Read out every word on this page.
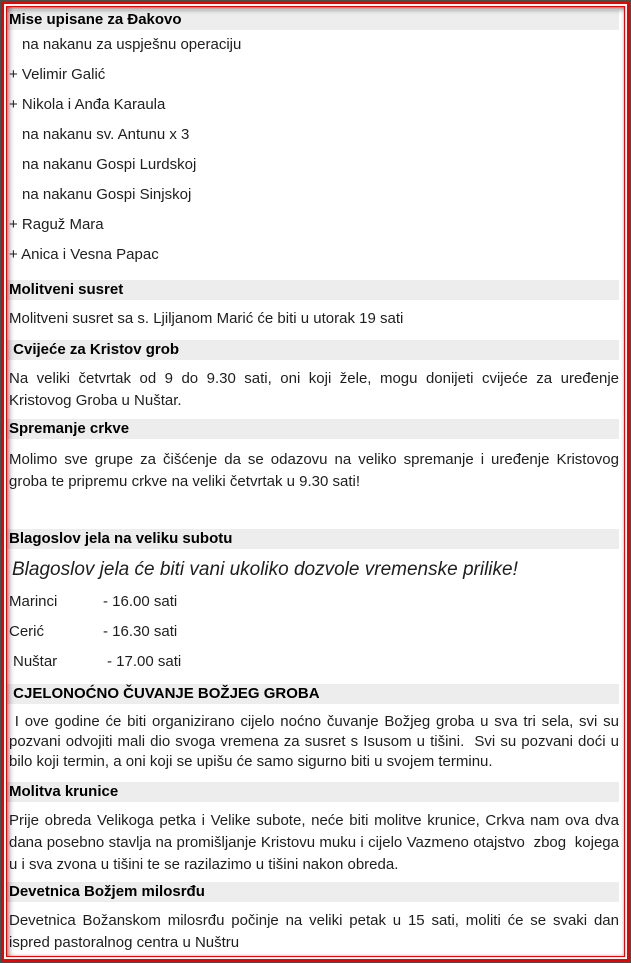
Mise upisane za Đakovo
na nakanu za uspješnu operaciju
+ Velimir Galić
+ Nikola i Anđa Karaula
na nakanu sv. Antunu x 3
na nakanu Gospi Lurdskoj
na nakanu Gospi Sinjskoj
+ Raguž Mara
+ Anica i Vesna Papac
Molitveni susret

Molitveni susret sa s. Ljiljanom Marić će biti u utorak 19 sati

Cvijeće za Kristov grob

Na veliki četvrtak od 9 do 9.30 sati, oni koji žele, mogu donijeti cvijeće za uređenje Kristovog Groba u Nuštar.

Spremanje crkve

Molimo sve grupe za čišćenje da se odazovu na veliko spremanje i uređenje Kristovog groba te pripremu crkve na veliki četvrtak u 9.30 sati!

Blagoslov jela na veliku subotu
Blagoslov jela će biti vani ukoliko dozvole vremenske prilike!
Marinci	- 16.00 sati
Cerić	- 16.30 sati
Nuštar	- 17.00 sati
CJELONOĆNO ČUVANJE BOŽJEG GROBA

I ove godine će biti organizirano cijelo noćno čuvanje Božjeg groba u sva tri sela, svi su pozvani odvojiti mali dio svoga vremena za susret s Isusom u tišini.  Svi su pozvani doći u bilo koji termin, a oni koji se upišu će samo sigurno biti u svojem terminu.

Molitva krunice

Prije obreda Velikoga petka i Velike subote, neće biti molitve krunice, Crkva nam ova dva dana posebno stavlja na promišljanje Kristovu muku i cijelo Vazmeno otajstvo  zbog  kojega u i sva zvona u tišini te se razilazimo u tišini nakon obreda.

Devetnica Božjem milosrđu

Devetnica Božanskom milosrđu počinje na veliki petak u 15 sati, moliti će se svaki dan ispred pastoralnog centra u Nuštru
